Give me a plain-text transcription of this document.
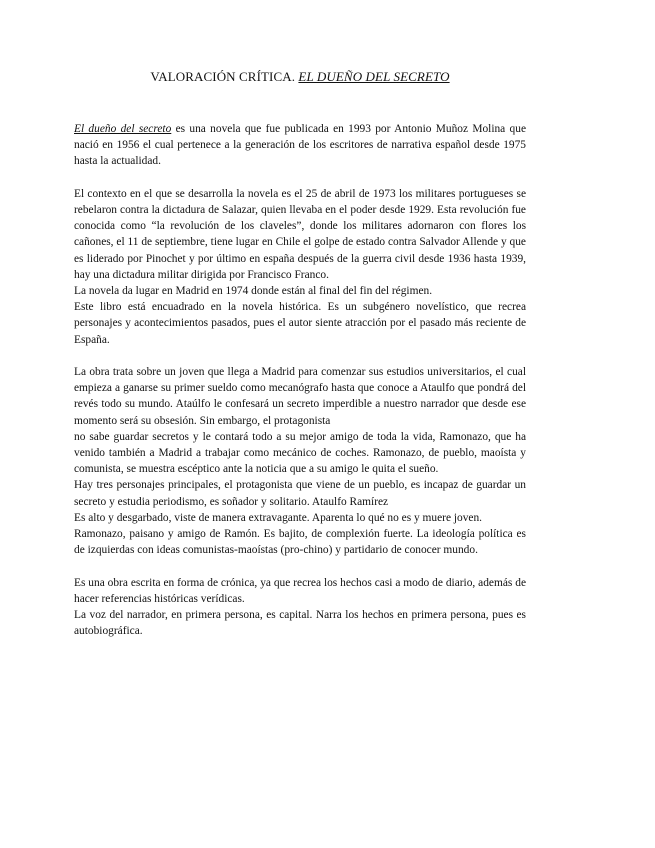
VALORACIÓN CRÍTICA. EL DUEÑO DEL SECRETO

El dueño del secreto es una novela que fue publicada en 1993 por Antonio Muñoz Molina que nació en 1956 el cual pertenece a la generación de los escritores de narrativa español desde 1975 hasta la actualidad.

El contexto en el que se desarrolla la novela es el 25 de abril de 1973 los militares portugueses se rebelaron contra la dictadura de Salazar, quien llevaba en el poder desde 1929. Esta revolución fue conocida como “la revolución de los claveles”, donde los militares adornaron con flores los cañones, el 11 de septiembre, tiene lugar en Chile el golpe de estado contra Salvador Allende y que es liderado por Pinochet y por último en españa después de la guerra civil desde 1936 hasta 1939, hay una dictadura militar dirigida por Francisco Franco.

La novela da lugar en Madrid en 1974 donde están al final del fin del régimen.

Este libro está encuadrado en la novela histórica. Es un subgénero novelístico, que recrea personajes y acontecimientos pasados, pues el autor siente atracción por el pasado más reciente de España.

La obra trata sobre un joven que llega a Madrid para comenzar sus estudios universitarios, el cual empieza a ganarse su primer sueldo como mecanógrafo hasta que conoce a Ataulfo que pondrá del revés todo su mundo. Ataúlfo le confesará un secreto imperdible a nuestro narrador que desde ese momento será su obsesión. Sin embargo, el protagonista

no sabe guardar secretos y le contará todo a su mejor amigo de toda la vida, Ramonazo, que ha venido también a Madrid a trabajar como mecánico de coches. Ramonazo, de pueblo, maoísta y comunista, se muestra escéptico ante la noticia que a su amigo le quita el sueño.

Hay tres personajes principales, el protagonista que viene de un pueblo, es incapaz de guardar un secreto y estudia periodismo, es soñador y solitario. Ataulfo Ramírez

Es alto y desgarbado, viste de manera extravagante. Aparenta lo qué no es y muere joven.

Ramonazo, paisano y amigo de Ramón. Es bajito, de complexión fuerte. La ideología política es de izquierdas con ideas comunistas-maoístas (pro-chino) y partidario de conocer mundo.

Es una obra escrita en forma de crónica, ya que recrea los hechos casi a modo de diario, además de hacer referencias históricas verídicas.

La voz del narrador, en primera persona, es capital. Narra los hechos en primera persona, pues es autobiográfica.
